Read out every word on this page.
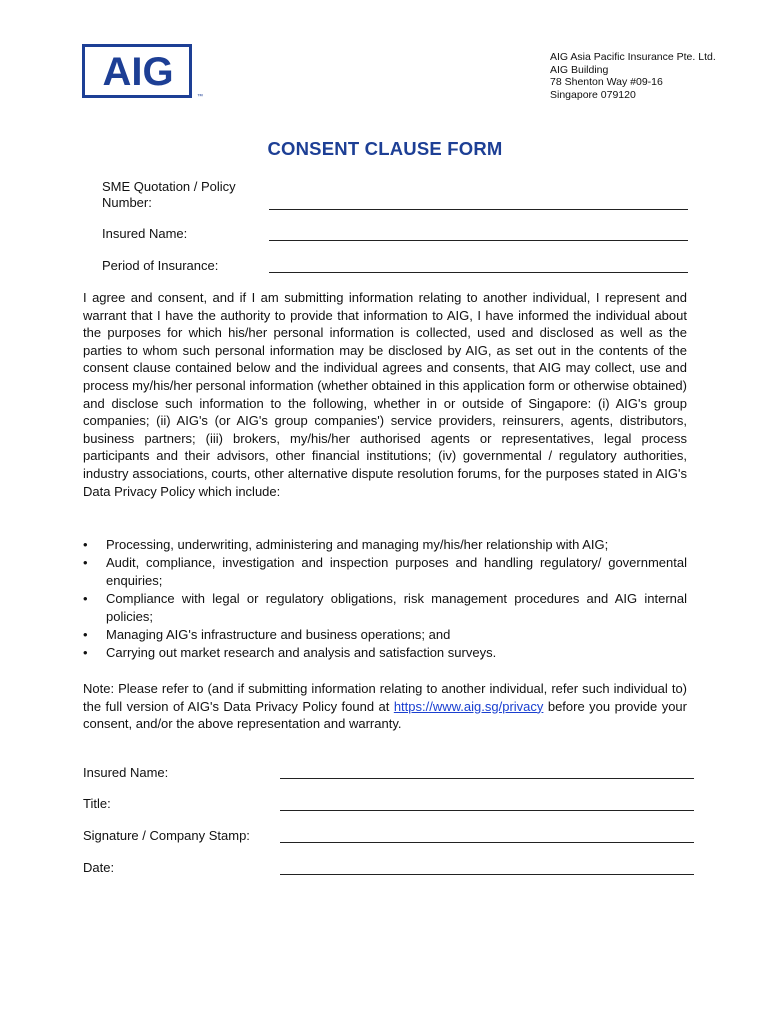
AIG
™
AIG Asia Pacific Insurance Pte. Ltd.
AIG Building
78 Shenton Way #09-16
Singapore 079120
CONSENT CLAUSE FORM
SME Quotation / Policy
Number:
Insured Name:
Period of Insurance:
I agree and consent, and if I am submitting information relating to another individual, I represent and warrant that I have the authority to provide that information to AIG, I have informed the individual about the purposes for which his/her personal information is collected, used and disclosed as well as the parties to whom such personal information may be disclosed by AIG, as set out in the contents of the consent clause contained below and the individual agrees and consents, that AIG may collect, use and process my/his/her personal information (whether obtained in this application form or otherwise obtained) and disclose such information to the following, whether in or outside of Singapore: (i) AIG's group companies; (ii) AIG's (or AIG's group companies') service providers, reinsurers, agents, distributors, business partners; (iii) brokers, my/his/her authorised agents or representatives, legal process participants and their advisors, other financial institutions; (iv) governmental / regulatory authorities, industry associations, courts, other alternative dispute resolution forums, for the purposes stated in AIG's Data Privacy Policy which include:
• Processing, underwriting, administering and managing my/his/her relationship with AIG;
• Audit, compliance, investigation and inspection purposes and handling regulatory/ governmental enquiries;
• Compliance with legal or regulatory obligations, risk management procedures and AIG internal policies;
• Managing AIG's infrastructure and business operations; and
• Carrying out market research and analysis and satisfaction surveys.
Note: Please refer to (and if submitting information relating to another individual, refer such individual to) the full version of AIG's Data Privacy Policy found at https://www.aig.sg/privacy before you provide your consent, and/or the above representation and warranty.
Insured Name:
Title:
Signature / Company Stamp:
Date:
